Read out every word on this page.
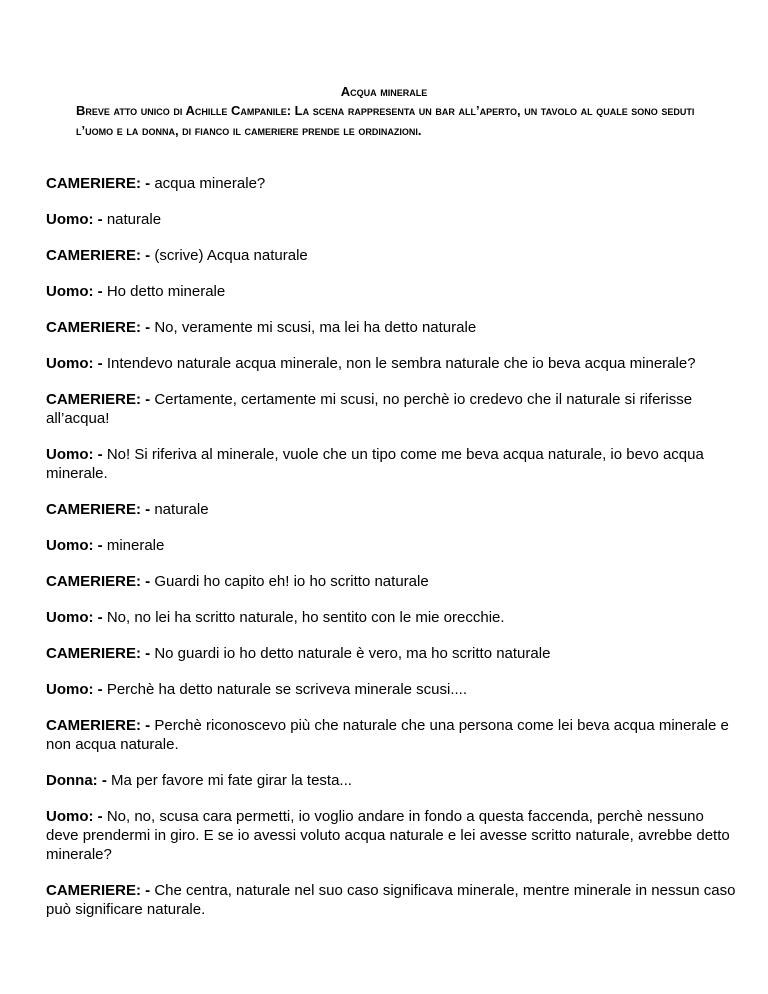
Acqua minerale
Breve atto unico di Achille Campanile: La scena rappresenta un bar all’aperto, un tavolo al quale sono seduti l’uomo e la donna, di fianco il cameriere prende le ordinazioni.

CAMERIERE: - acqua minerale?

Uomo: - naturale

CAMERIERE: - (scrive) Acqua naturale

Uomo: - Ho detto minerale

CAMERIERE: - No, veramente mi scusi, ma lei ha detto naturale

Uomo: - Intendevo naturale acqua minerale, non le sembra naturale che io beva acqua minerale?

CAMERIERE: - Certamente, certamente mi scusi, no perchè io credevo che il naturale si riferisse all’acqua!

Uomo: - No! Si riferiva al minerale, vuole che un tipo come me beva acqua naturale, io bevo acqua minerale.

CAMERIERE: - naturale

Uomo: - minerale

CAMERIERE: - Guardi ho capito eh! io ho scritto naturale

Uomo: - No, no lei ha scritto naturale, ho sentito con le mie orecchie.

CAMERIERE: - No guardi io ho detto naturale è vero, ma ho scritto naturale

Uomo: - Perchè ha detto naturale se scriveva minerale scusi....

CAMERIERE: - Perchè riconoscevo più che naturale che una persona come lei beva acqua minerale e non acqua naturale.

Donna: - Ma per favore mi fate girar la testa...

Uomo: - No, no, scusa cara permetti, io voglio andare in fondo a questa faccenda, perchè nessuno deve prendermi in giro. E se io avessi voluto acqua naturale e lei avesse scritto naturale, avrebbe detto minerale?

CAMERIERE: - Che centra, naturale nel suo caso significava minerale, mentre minerale in nessun caso può significare naturale.
